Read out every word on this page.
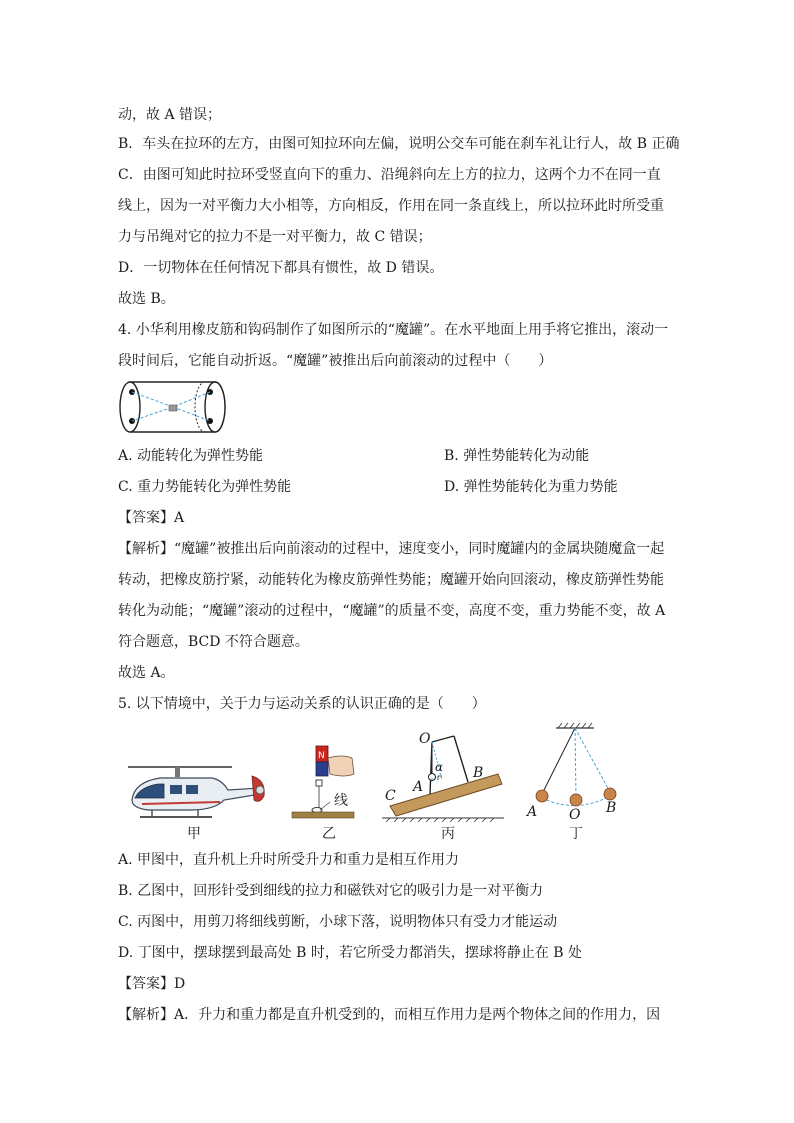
动，故 A 错误；
B．车头在拉环的左方，由图可知拉环向左偏，说明公交车可能在刹车礼让行人，故 B 正确
C．由图可知此时拉环受竖直向下的重力、沿绳斜向左上方的拉力，这两个力不在同一直
线上，因为一对平衡力大小相等，方向相反，作用在同一条直线上，所以拉环此时所受重
力与吊绳对它的拉力不是一对平衡力，故 C 错误；
D．一切物体在任何情况下都具有惯性，故 D 错误。
故选 B。
4. 小华利用橡皮筋和钩码制作了如图所示的“魔罐”。在水平地面上用手将它推出，滚动一
段时间后，它能自动折返。“魔罐”被推出后向前滚动的过程中（　　）
A. 动能转化为弹性势能	B. 弹性势能转化为动能
C. 重力势能转化为弹性势能	D. 弹性势能转化为重力势能
【答案】A
【解析】“魔罐”被推出后向前滚动的过程中，速度变小，同时魔罐内的金属块随魔盒一起
转动，把橡皮筋拧紧，动能转化为橡皮筋弹性势能；魔罐开始向回滚动，橡皮筋弹性势能
转化为动能；“魔罐”滚动的过程中，“魔罐”的质量不变，高度不变，重力势能不变，故 A
符合题意，BCD 不符合题意。
故选 A。
5. 以下情境中，关于力与运动关系的认识正确的是（　　）
甲
N
线
乙
O
α
A
B
C
丙
A O B
丁
A. 甲图中，直升机上升时所受升力和重力是相互作用力
B. 乙图中，回形针受到细线的拉力和磁铁对它的吸引力是一对平衡力
C. 丙图中，用剪刀将细线剪断，小球下落，说明物体只有受力才能运动
D. 丁图中，摆球摆到最高处 B 时，若它所受力都消失，摆球将静止在 B 处
【答案】D
【解析】A．升力和重力都是直升机受到的，而相互作用力是两个物体之间的作用力，因
